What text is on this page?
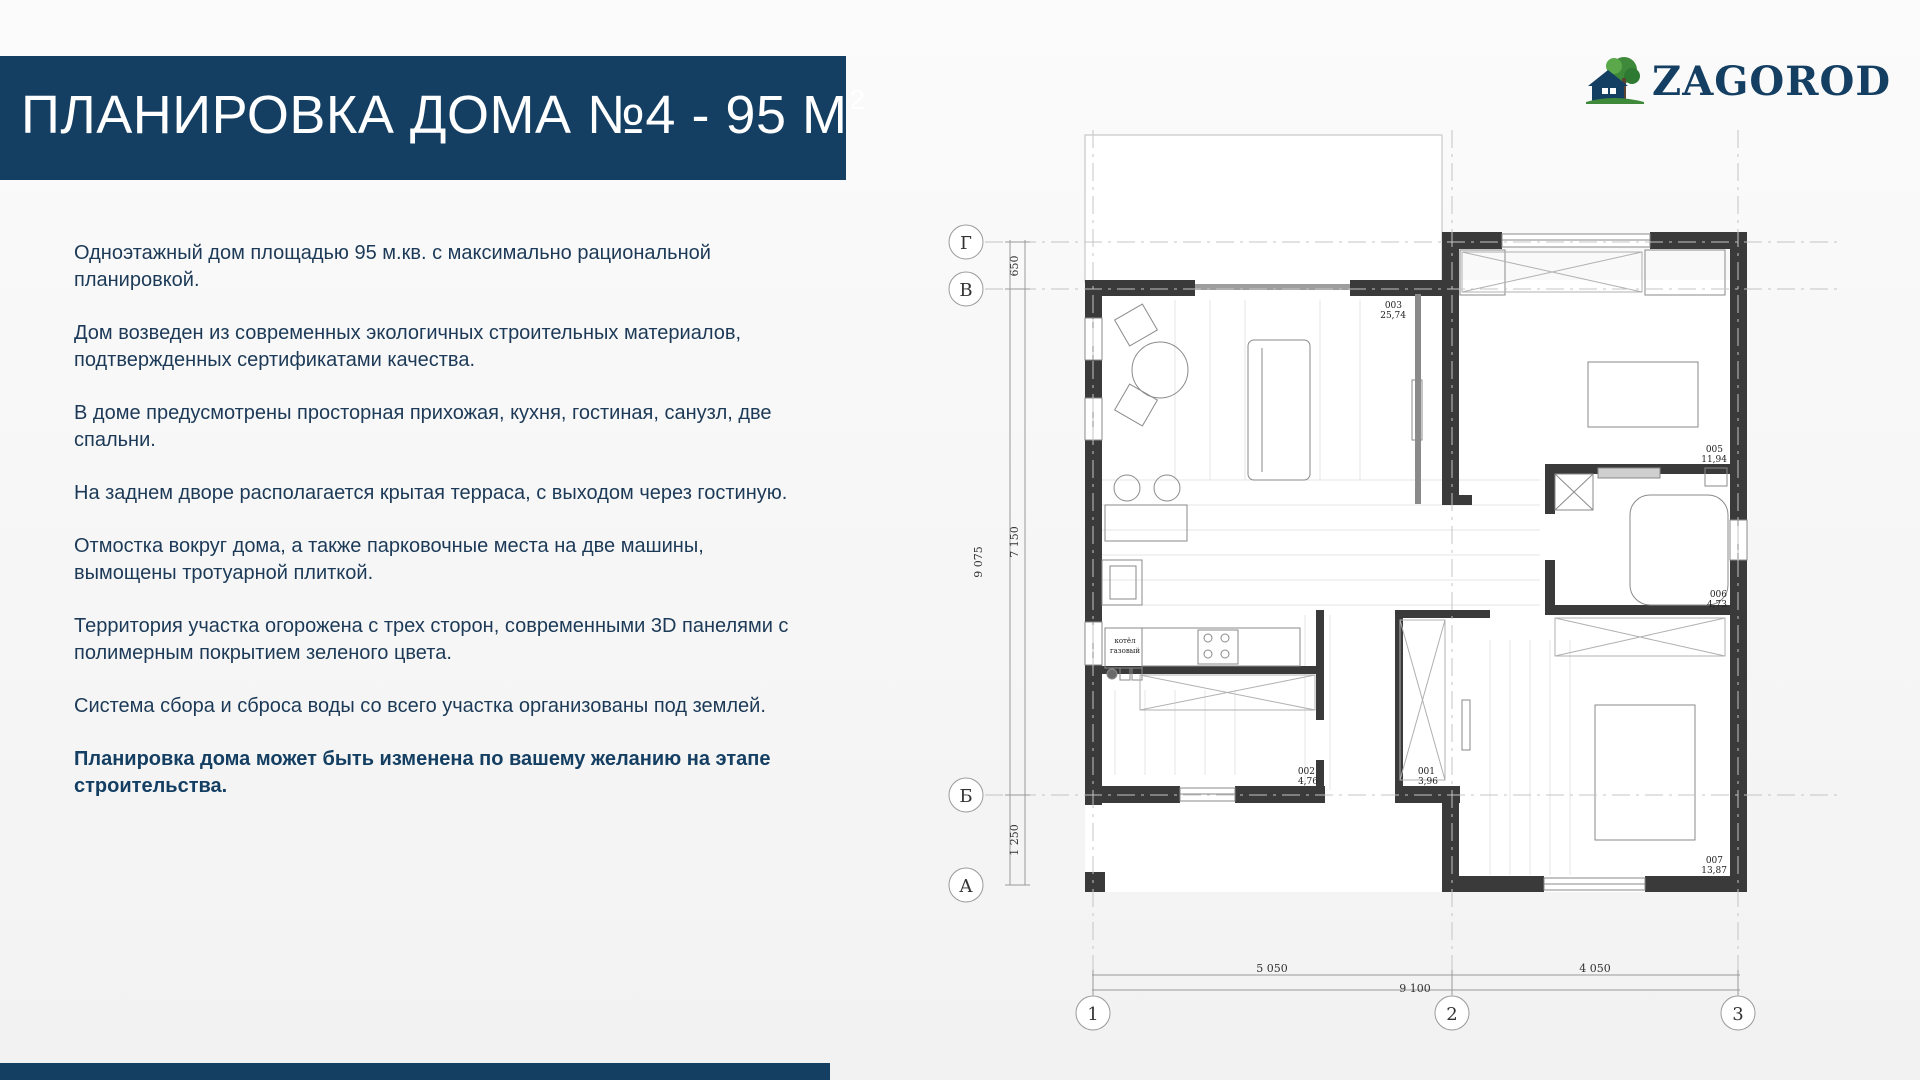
ПЛАНИРОВКА ДОМА №4 - 95 $М^2$	ZAGOROD

Одноэтажный дом площадью 95 м.кв. с максимально рациональной планировкой.

Дом возведен из современных экологичных строительных материалов, подтвержденных сертификатами качества.

В доме предусмотрены просторная прихожая, кухня, гостиная, санузл, две спальни.

На заднем дворе располагается крытая терраса, с выходом через гостиную.

Отмостка вокруг дома, а также парковочные места на две машины, вымощены тротуарной плиткой.

Территория участка огорожена с трех сторон, современными 3D панелями с полимерным покрытием зеленого цвета.

Система сбора и сброса воды со всего участка организованы под землей.

Планировка дома может быть изменена по вашему желанию на этапе строительства.

Г
В
Б
А
1	2	3
650
7 150
1 250
9 075
5 050	4 050
9 100
003
25,74
005
11,94
006
4,73
002
4,76
001
3,96
007
13,87
котёл
газовый
